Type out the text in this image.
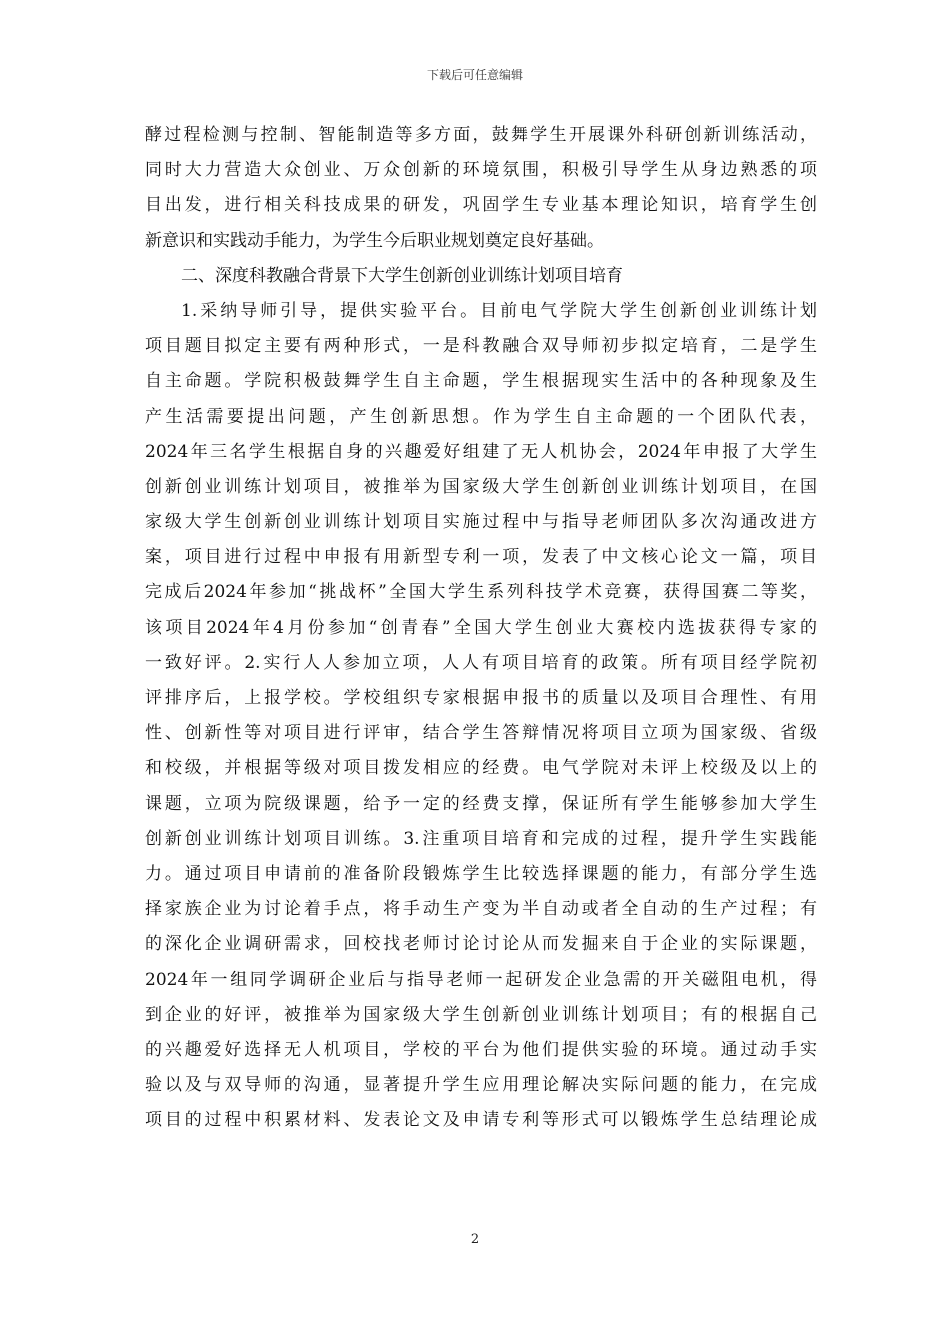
下载后可任意编辑
酵过程检测与控制、智能制造等多方面，鼓舞学生开展课外科研创新训练活动，
同时大力营造大众创业、万众创新的环境氛围，积极引导学生从身边熟悉的项
目出发，进行相关科技成果的研发，巩固学生专业基本理论知识，培育学生创
新意识和实践动手能力，为学生今后职业规划奠定良好基础。
二、深度科教融合背景下大学生创新创业训练计划项目培育
1.采纳导师引导，提供实验平台。目前电气学院大学生创新创业训练计划
项目题目拟定主要有两种形式，一是科教融合双导师初步拟定培育，二是学生
自主命题。学院积极鼓舞学生自主命题，学生根据现实生活中的各种现象及生
产生活需要提出问题，产生创新思想。作为学生自主命题的一个团队代表，
2024年三名学生根据自身的兴趣爱好组建了无人机协会，2024年申报了大学生
创新创业训练计划项目，被推举为国家级大学生创新创业训练计划项目，在国
家级大学生创新创业训练计划项目实施过程中与指导老师团队多次沟通改进方
案，项目进行过程中申报有用新型专利一项，发表了中文核心论文一篇，项目
完成后2024年参加“挑战杯”全国大学生系列科技学术竞赛，获得国赛二等奖，
该项目2024年4月份参加“创青春”全国大学生创业大赛校内选拔获得专家的
一致好评。2.实行人人参加立项，人人有项目培育的政策。所有项目经学院初
评排序后，上报学校。学校组织专家根据申报书的质量以及项目合理性、有用
性、创新性等对项目进行评审，结合学生答辩情况将项目立项为国家级、省级
和校级，并根据等级对项目拨发相应的经费。电气学院对未评上校级及以上的
课题，立项为院级课题，给予一定的经费支撑，保证所有学生能够参加大学生
创新创业训练计划项目训练。3.注重项目培育和完成的过程，提升学生实践能
力。通过项目申请前的准备阶段锻炼学生比较选择课题的能力，有部分学生选
择家族企业为讨论着手点，将手动生产变为半自动或者全自动的生产过程；有
的深化企业调研需求，回校找老师讨论讨论从而发掘来自于企业的实际课题，
2024年一组同学调研企业后与指导老师一起研发企业急需的开关磁阻电机，得
到企业的好评，被推举为国家级大学生创新创业训练计划项目；有的根据自己
的兴趣爱好选择无人机项目，学校的平台为他们提供实验的环境。通过动手实
验以及与双导师的沟通，显著提升学生应用理论解决实际问题的能力，在完成
项目的过程中积累材料、发表论文及申请专利等形式可以锻炼学生总结理论成
2
